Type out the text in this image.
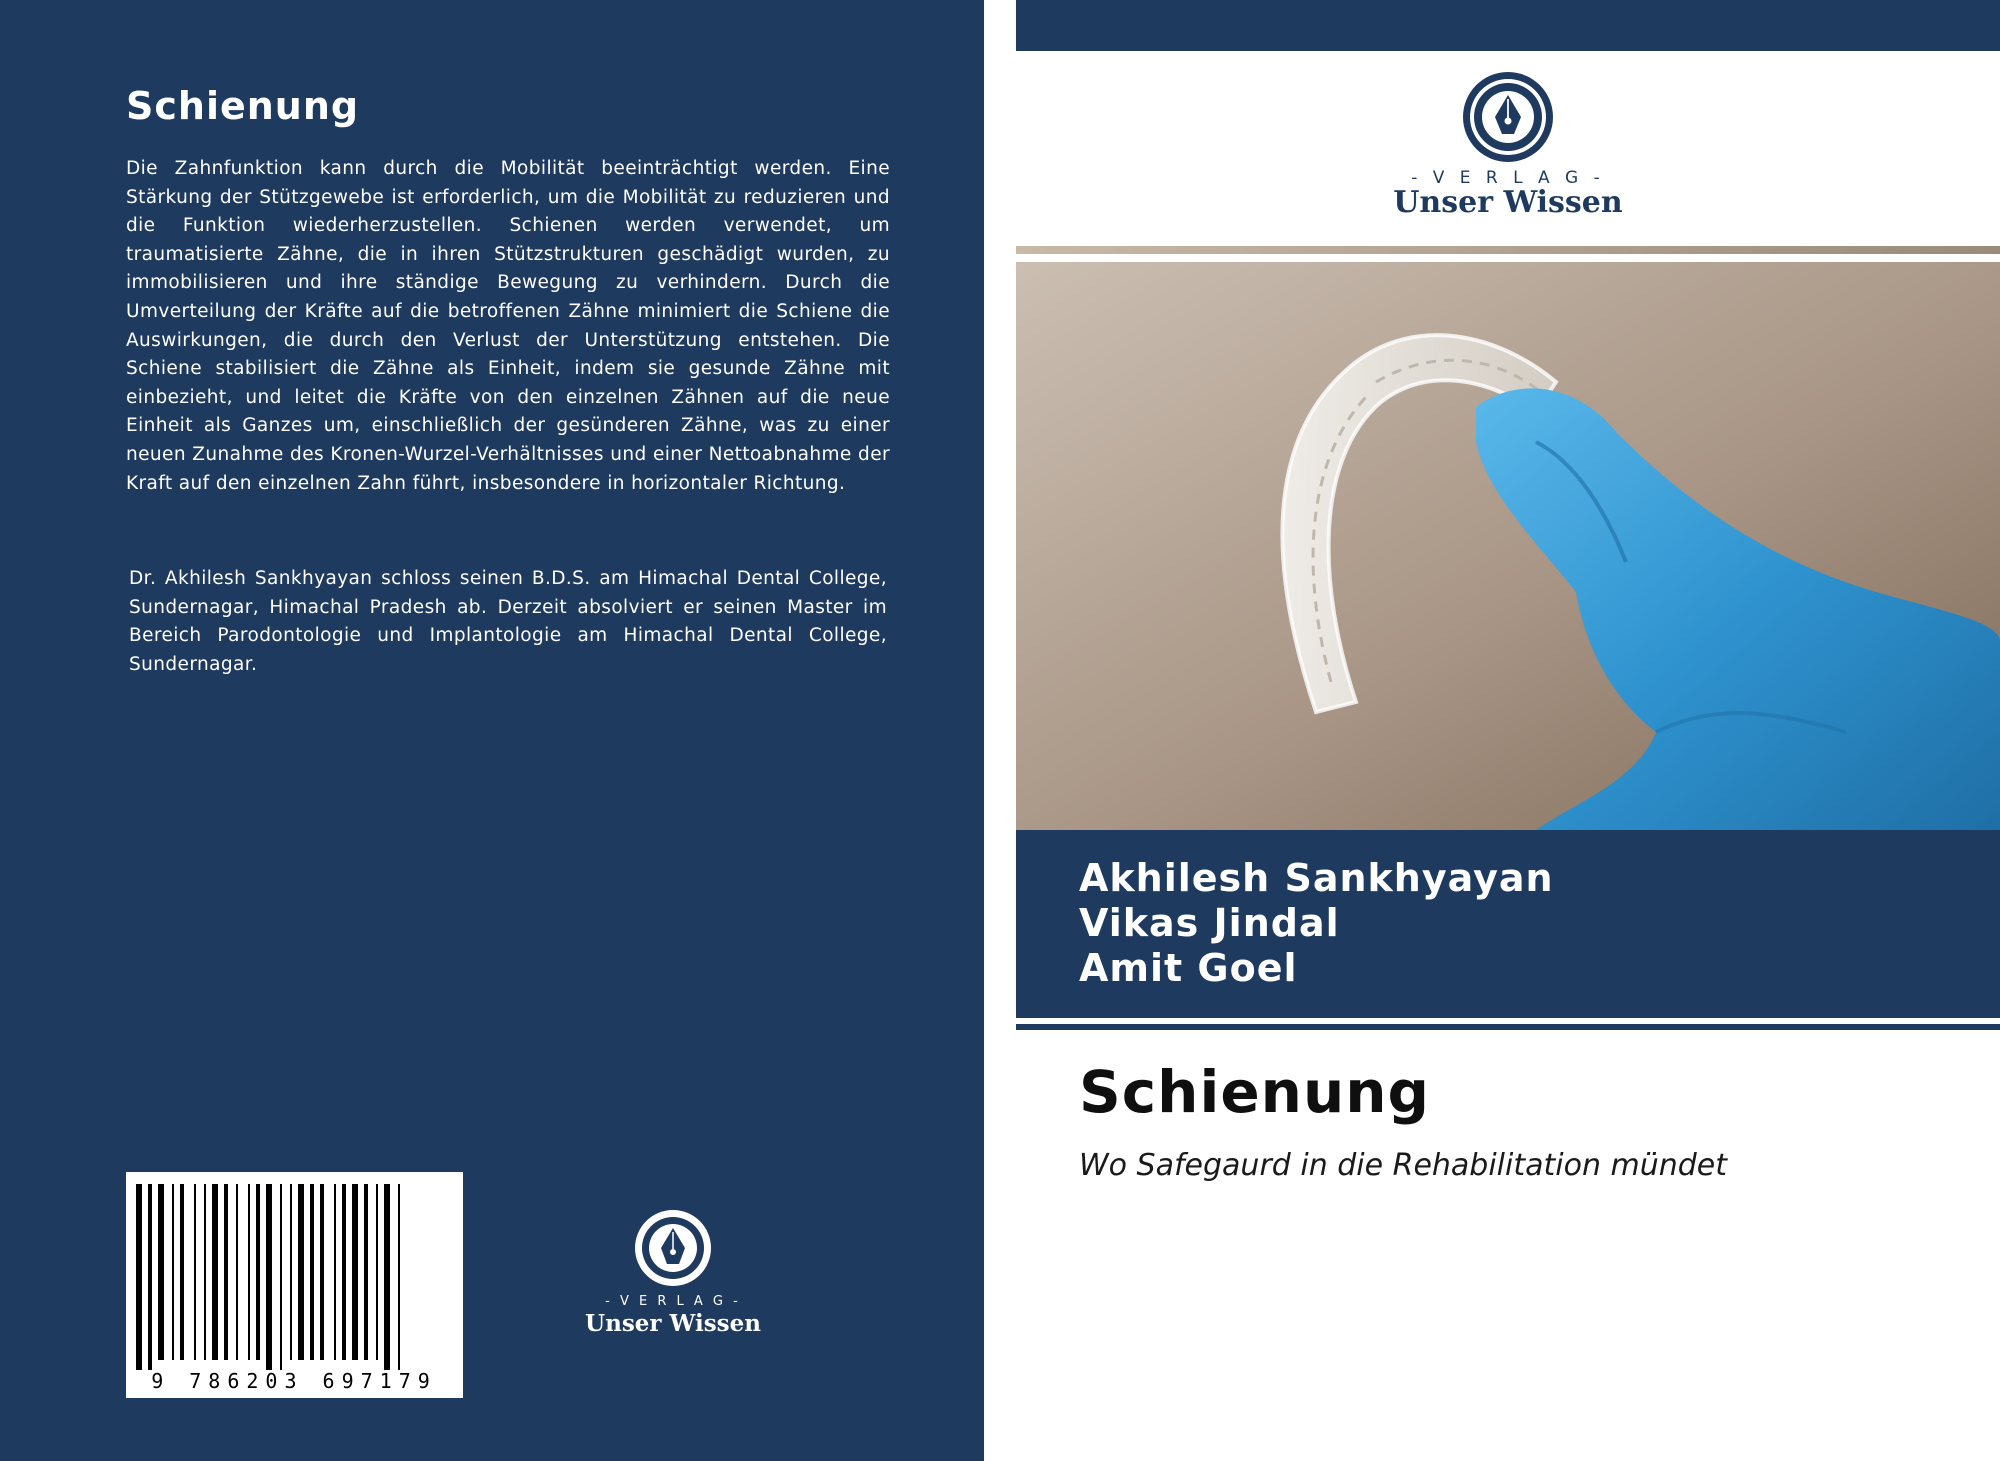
Schienung

Die Zahnfunktion kann durch die Mobilität beeinträchtigt werden. Eine Stärkung der Stützgewebe ist erforderlich, um die Mobilität zu reduzieren und die Funktion wiederherzustellen. Schienen werden verwendet, um traumatisierte Zähne, die in ihren Stützstrukturen geschädigt wurden, zu immobilisieren und ihre ständige Bewegung zu verhindern. Durch die Umverteilung der Kräfte auf die betroffenen Zähne minimiert die Schiene die Auswirkungen, die durch den Verlust der Unterstützung entstehen. Die Schiene stabilisiert die Zähne als Einheit, indem sie gesunde Zähne mit einbezieht, und leitet die Kräfte von den einzelnen Zähnen auf die neue Einheit als Ganzes um, einschließlich der gesünderen Zähne, was zu einer neuen Zunahme des Kronen-Wurzel-Verhältnisses und einer Nettoabnahme der Kraft auf den einzelnen Zahn führt, insbesondere in horizontaler Richtung.

Dr. Akhilesh Sankhyayan schloss seinen B.D.S. am Himachal Dental College, Sundernagar, Himachal Pradesh ab. Derzeit absolviert er seinen Master im Bereich Parodontologie und Implantologie am Himachal Dental College, Sundernagar.

9 786203 697179
- V E R L A G -
Unser Wissen
- V E R L A G -
Unser Wissen
Akhilesh Sankhyayan
Vikas Jindal
Amit Goel
Schienung
Wo Safegaurd in die Rehabilitation mündet
